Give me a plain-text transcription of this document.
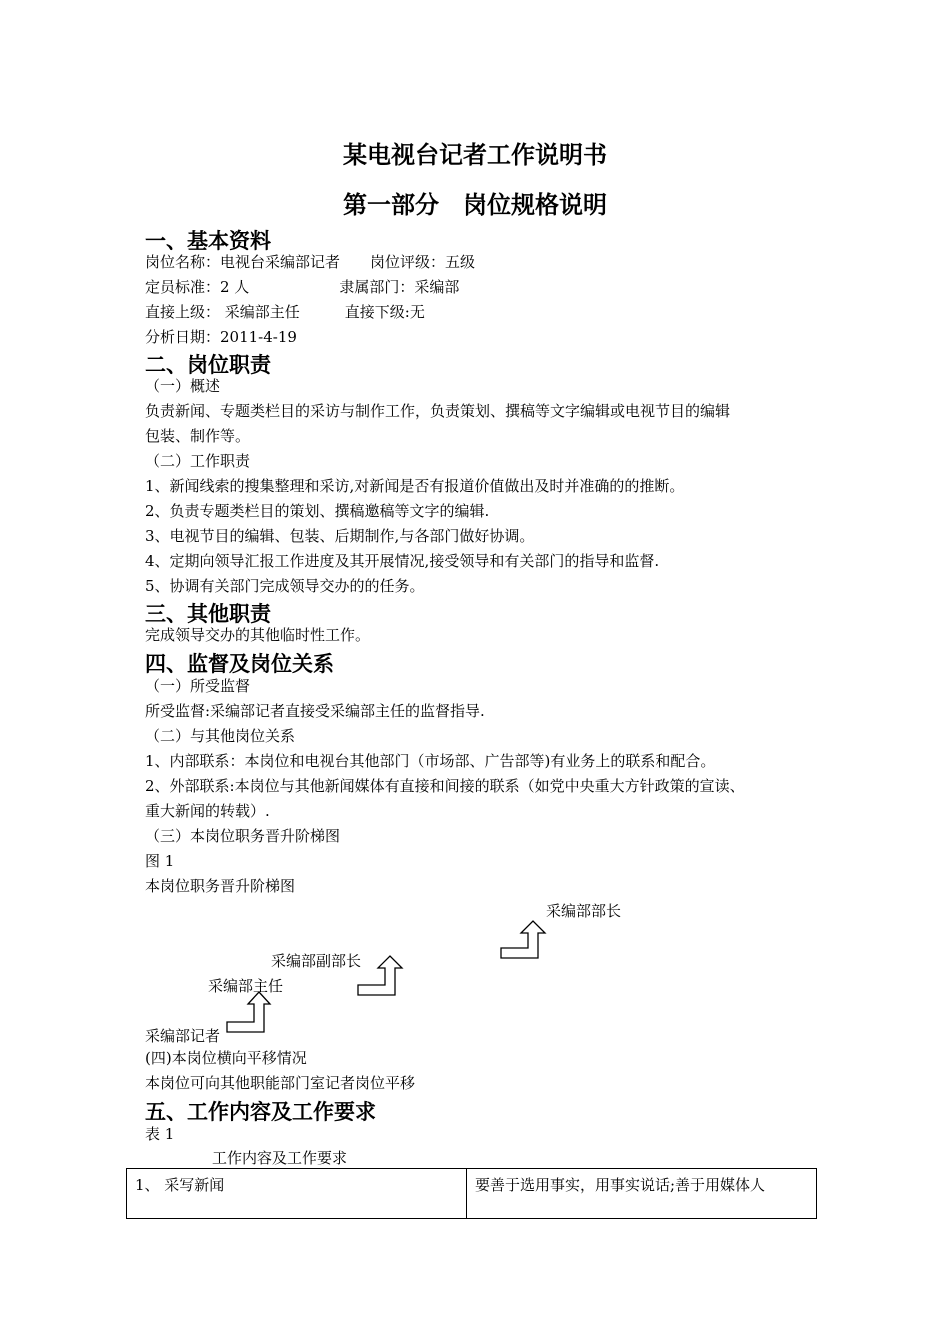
某电视台记者工作说明书
第一部分　岗位规格说明
一、基本资料
岗位名称：电视台采编部记者　　岗位评级：五级
定员标准：2 人　　　　　　隶属部门：采编部
直接上级： 采编部主任　　　直接下级:无
分析日期：2011-4-19
二、岗位职责
（一）概述
负责新闻、专题类栏目的采访与制作工作，负责策划、撰稿等文字编辑或电视节目的编辑
包装、制作等。
（二）工作职责
1、新闻线索的搜集整理和采访,对新闻是否有报道价值做出及时并准确的的推断。
2、负责专题类栏目的策划、撰稿邀稿等文字的编辑.
3、电视节目的编辑、包装、后期制作,与各部门做好协调。
4、定期向领导汇报工作进度及其开展情况,接受领导和有关部门的指导和监督.
5、协调有关部门完成领导交办的的任务。
三、其他职责
完成领导交办的其他临时性工作。
四、监督及岗位关系
（一）所受监督
所受监督:采编部记者直接受采编部主任的监督指导.
（二）与其他岗位关系
1、内部联系：本岗位和电视台其他部门（市场部、广告部等)有业务上的联系和配合。
2、外部联系:本岗位与其他新闻媒体有直接和间接的联系（如党中央重大方针政策的宣读、
重大新闻的转载）.
（三）本岗位职务晋升阶梯图
图 1
本岗位职务晋升阶梯图
采编部部长
采编部副部长
采编部主任
采编部记者
(四)本岗位横向平移情况
本岗位可向其他职能部门室记者岗位平移
五、工作内容及工作要求
表 1
工作内容及工作要求
1、 采写新闻	要善于选用事实，用事实说话;善于用媒体人
